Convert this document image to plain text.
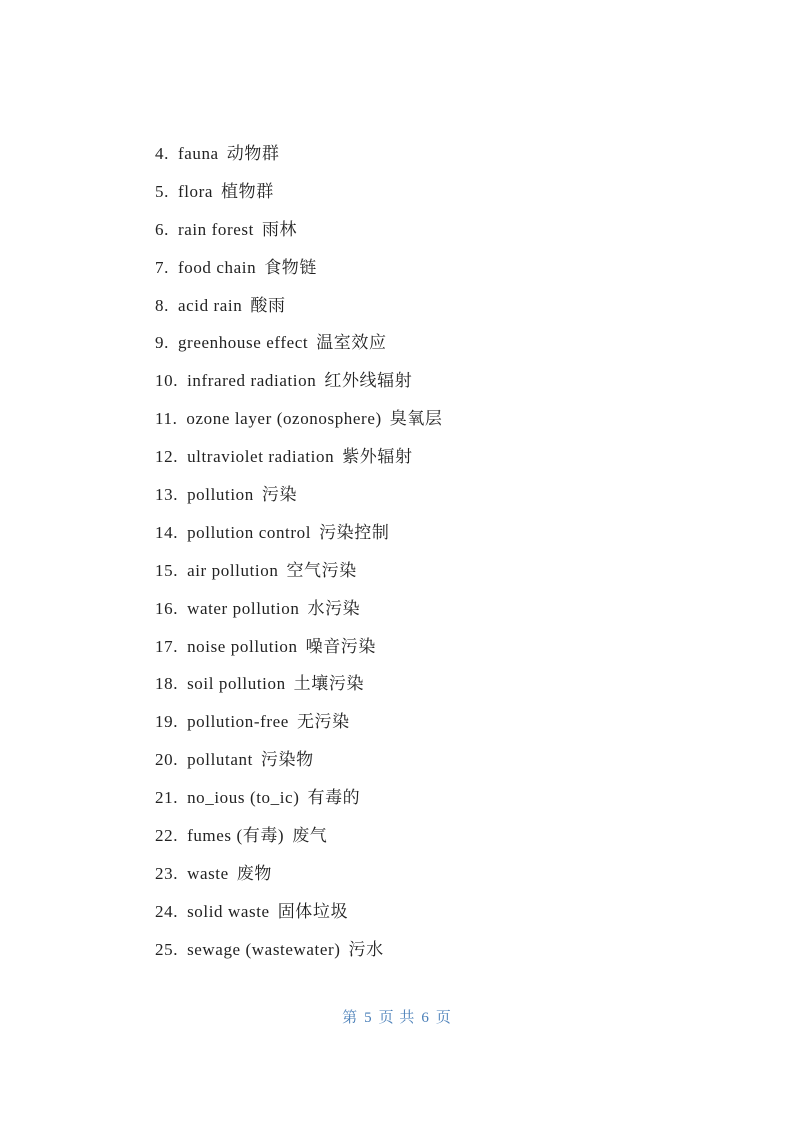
4. fauna 动物群
5. flora 植物群
6. rain forest 雨林
7. food chain 食物链
8. acid rain 酸雨
9. greenhouse effect 温室效应
10. infrared radiation 红外线辐射
11. ozone layer (ozonosphere) 臭氧层
12. ultraviolet radiation 紫外辐射
13. pollution 污染
14. pollution control 污染控制
15. air pollution 空气污染
16. water pollution 水污染
17. noise pollution 噪音污染
18. soil pollution 土壤污染
19. pollution-free 无污染
20. pollutant 污染物
21. no_ious (to_ic) 有毒的
22. fumes (有毒) 废气
23. waste 废物
24. solid waste 固体垃圾
25. sewage (wastewater) 污水
第 5 页 共 6 页
